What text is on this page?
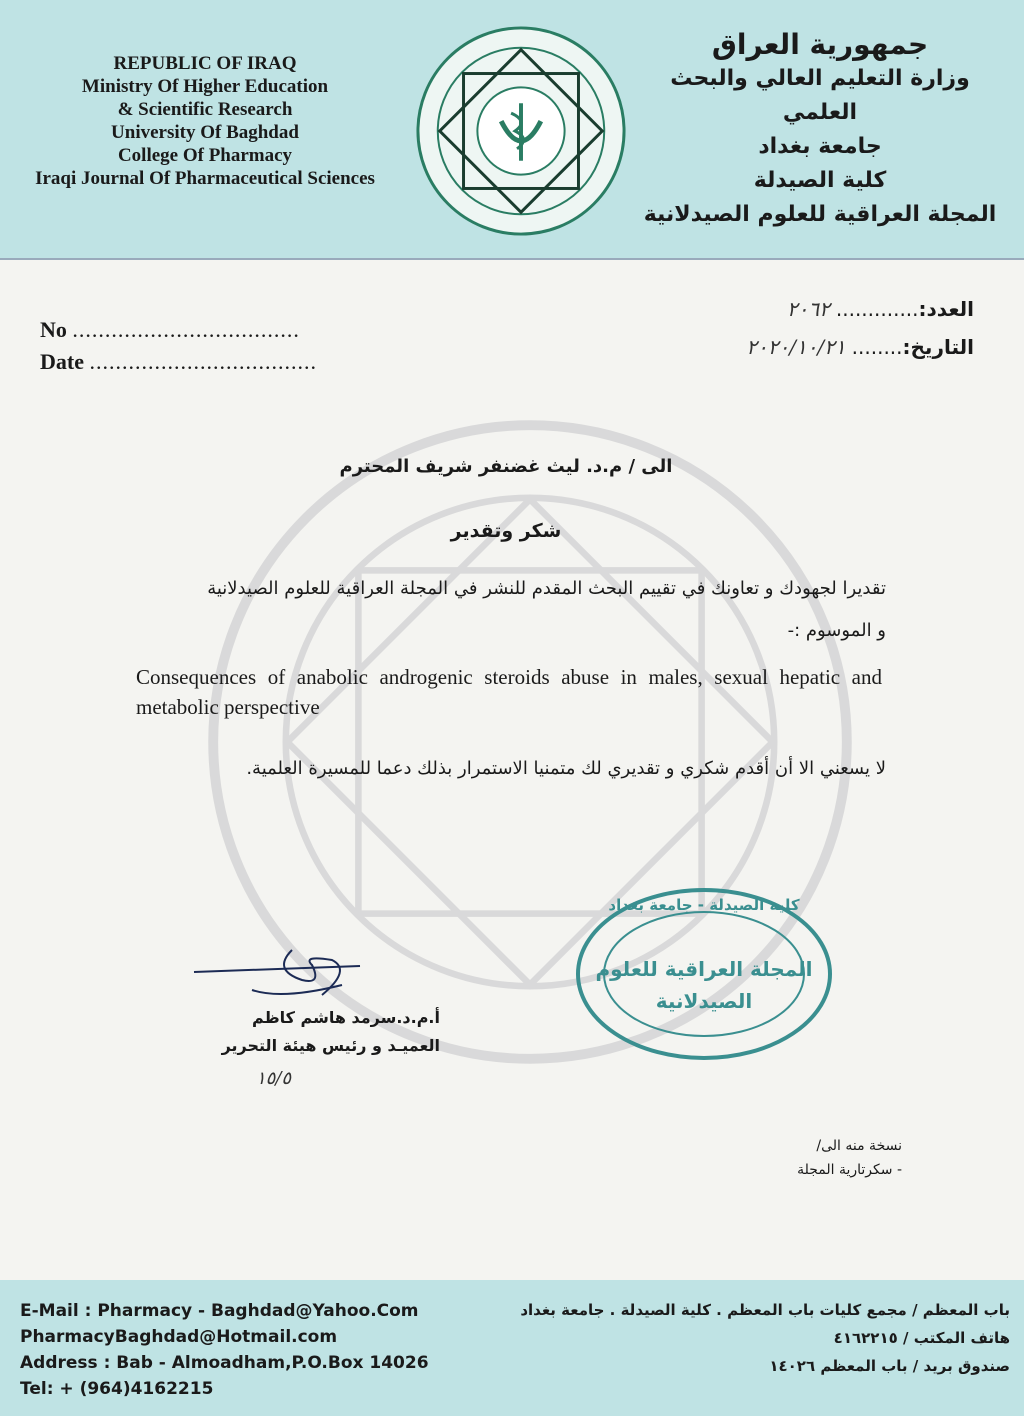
REPUBLIC OF IRAQ
Ministry Of Higher Education
& Scientific Research
University Of Baghdad
College Of Pharmacy
Iraqi Journal Of Pharmaceutical Sciences
جمهورية العراق
وزارة التعليم العالي والبحث العلمي
جامعة بغداد
كلية الصيدلة
المجلة العراقية للعلوم الصيدلانية
No ...................................
Date ...................................
العدد:.............٢٠٦٢
التاريخ:........٢٠٢٠/١٠/٢١
الى / م.د. ليث غضنفر شريف المحترم
شكر وتقدير
تقديرا لجهودك و تعاونك في تقييم البحث المقدم للنشر في المجلة العراقية للعلوم الصيدلانية
و الموسوم :-
Consequences of anabolic androgenic steroids abuse in males, sexual hepatic and metabolic perspective
لا يسعني الا أن أقدم شكري و تقديري لك متمنيا الاستمرار بذلك دعما للمسيرة العلمية.
أ.م.د.سرمد هاشم كاظم
العميـد و رئيس هيئة التحرير
١٥/٥
كلية الصيدلة - جامعة بغداد
المجلة العراقية للعلوم
الصيدلانية
نسخة منه الى/
- سكرتارية المجلة
E-Mail : Pharmacy - Baghdad@Yahoo.Com
PharmacyBaghdad@Hotmail.com
Address : Bab - Almoadham,P.O.Box 14026
Tel: + (964)4162215
باب المعظم / مجمع كليات باب المعظم . كلية الصيدلة . جامعة بغداد
هاتف المكتب / ٤١٦٢٢١٥
صندوق بريد / باب المعظم ١٤٠٢٦
